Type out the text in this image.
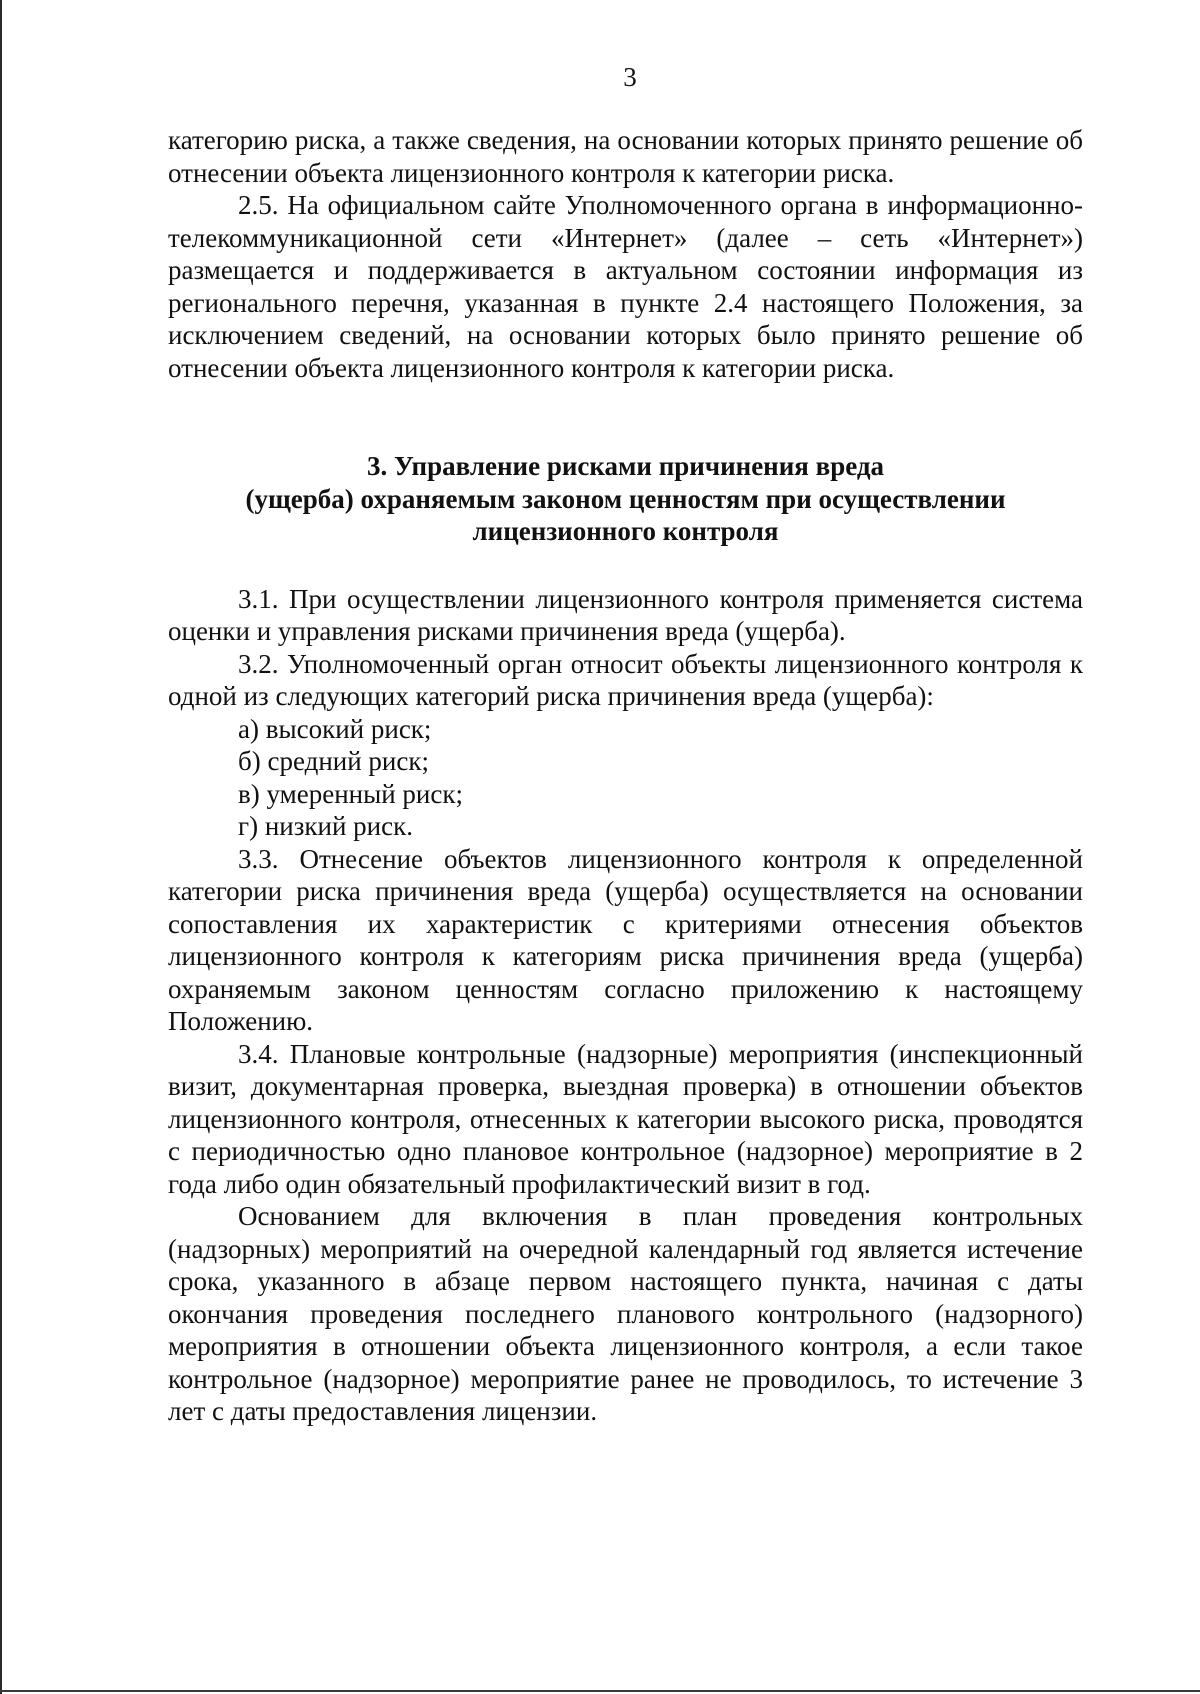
3

категорию риска, а также сведения, на основании которых принято решение об отнесении объекта лицензионного контроля к категории риска.

2.5. На официальном сайте Уполномоченного органа в информационно-телекоммуникационной сети «Интернет» (далее – сеть «Интернет») размещается и поддерживается в актуальном состоянии информация из регионального перечня, указанная в пункте 2.4 настоящего Положения, за исключением сведений, на основании которых было принято решение об отнесении объекта лицензионного контроля к категории риска.

3. Управление рисками причинения вреда
(ущерба) охраняемым законом ценностям при осуществлении
лицензионного контроля

3.1. При осуществлении лицензионного контроля применяется система оценки и управления рисками причинения вреда (ущерба).

3.2. Уполномоченный орган относит объекты лицензионного контроля к одной из следующих категорий риска причинения вреда (ущерба):

а) высокий риск;

б) средний риск;

в) умеренный риск;

г) низкий риск.

3.3. Отнесение объектов лицензионного контроля к определенной категории риска причинения вреда (ущерба) осуществляется на основании сопоставления их характеристик с критериями отнесения объектов лицензионного контроля к категориям риска причинения вреда (ущерба) охраняемым законом ценностям согласно приложению к настоящему Положению.

3.4. Плановые контрольные (надзорные) мероприятия (инспекционный визит, документарная проверка, выездная проверка) в отношении объектов лицензионного контроля, отнесенных к категории высокого риска, проводятся с периодичностью одно плановое контрольное (надзорное) мероприятие в 2 года либо один обязательный профилактический визит в год.

Основанием для включения в план проведения контрольных (надзорных) мероприятий на очередной календарный год является истечение срока, указанного в абзаце первом настоящего пункта, начиная с даты окончания проведения последнего планового контрольного (надзорного) мероприятия в отношении объекта лицензионного контроля, а если такое контрольное (надзорное) мероприятие ранее не проводилось, то истечение 3 лет с даты предоставления лицензии.
